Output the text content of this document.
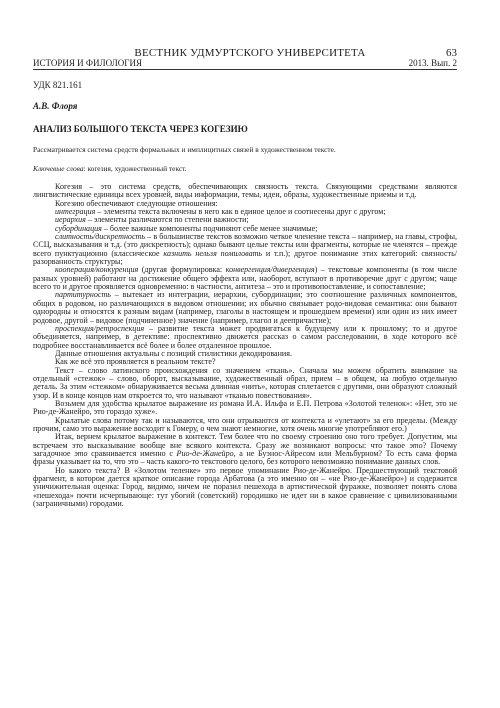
ВЕСТНИК УДМУРТСКОГО УНИВЕРСИТЕТА	63
ИСТОРИЯ И ФИЛОЛОГИЯ	2013. Вып. 2
УДК 821.161
А.В. Флоря
АНАЛИЗ БОЛЬШОГО ТЕКСТА ЧЕРЕЗ КОГЕЗИЮ
Рассматривается система средств формальных и имплицитных связей в художественном тексте.
Ключевые слова: когезия, художественный текст.

Когезия – это система средств, обеспечивающих связность текста. Связующими средствами являются лингвистические единицы всех уровней, виды информации, темы, идеи, образы, художественные приемы и т.д.

Когезию обеспечивают следующие отношения:

интеграция – элементы текста включены в него как в единое целое и соотнесены друг с другом;

иерархия – элементы различаются по степени важности;

субординация – более важные компоненты подчиняют себе менее значимые;

слитность/дискретность – в большинстве текстов возможно четкое членение текста – например, на главы, строфы, ССЦ, высказывания и т.д. (это дискретность); однако бывают целые тексты или фрагменты, которые не членятся – прежде всего пунктуационно (классическое казнить нельзя помиловать и т.п.); другое понимание этих категорий: связность/разорванность структуры;

кооперация/конкуренция (другая формулировка: конвергенция/дивергенция) – текстовые компоненты (в том числе разных уровней) работают на достижение общего эффекта или, наоборот, вступают в противоречие друг с другом; чаще всего то и другое проявляется одновременно: в частности, антитеза – это и противопоставление, и сопоставление;

партитурность – вытекает из интеграции, иерархии, субординации; это соотношение различных компонентов, общих в родовом, но различающихся в видовом отношении; их обычно связывает родо-видовая семантика: они бывают однородны и относятся к разным видам (например, глаголы в настоящем и прошедшем времени) или один из них имеет родовое, другой – видовое (подчиненное) значение (например, глагол и деепричастие);

проспекция/ретроспекция – развитие текста может продвигаться к будущему или к прошлому; то и другое объединяется, например, в детективе: проспективно движется рассказ о самом расследовании, в ходе которого всё подробнее восстанавливается всё более и более отдаленное прошлое.

Данные отношения актуальны с позиций стилистики декодирования.

Как же всё это проявляется в реальном тексте?

Текст – слово латинского происхождения со значением «ткань». Сначала мы можем обратить внимание на отдельный «стежок» – слово, оборот, высказывание, художественный образ, прием – в общем, на любую отдельную деталь. За этим «стежком» обнаруживается весьма длинная «нить», которая сплетается с другими, они образуют сложный узор. И в конце концов нам откроется то, что называют «тканью повествования».

Возьмем для удобства крылатое выражение из романа И.А. Ильфа и Е.П. Петрова «Золотой теленок»: «Нет, это не Рио-де-Жанейро, это гораздо хуже».

Крылатые слова потому так и называются, что они отрываются от контекста и «улетают» за его пределы. (Между прочим, само это выражение восходит к Гомеру, о чем знают немногие, хотя очень многие употребляют его.)

Итак, вернем крылатое выражение в контекст. Тем более что по своему строению оно того требует. Допустим, мы встречаем это высказывание вообще вне всякого контекста. Сразу же возникают вопросы: что такое это? Почему загадочное это сравнивается именно с Рио-де-Жанейро, а не Буэнос-Айресом или Мельбурном? То есть сама форма фразы указывает на то, что это – часть какого-то текстового целого, без которого невозможно понимание данных слов.

Но какого текста? В «Золотом теленке» это первое упоминание Рио-де-Жанейро. Предшествующий текстовой фрагмент, в котором дается краткое описание города Арбатова (а это именно он – «не Рио-де-Жанейро») и содержится уничижительная оценка: Город, видимо, ничем не поразил пешехода в артистической фуражке, позволяет понять слова «пешехода» почти исчерпывающе: тут убогий (советский) городишко не идет ни в какое сравнение с цивилизованными (заграничными) городами.
